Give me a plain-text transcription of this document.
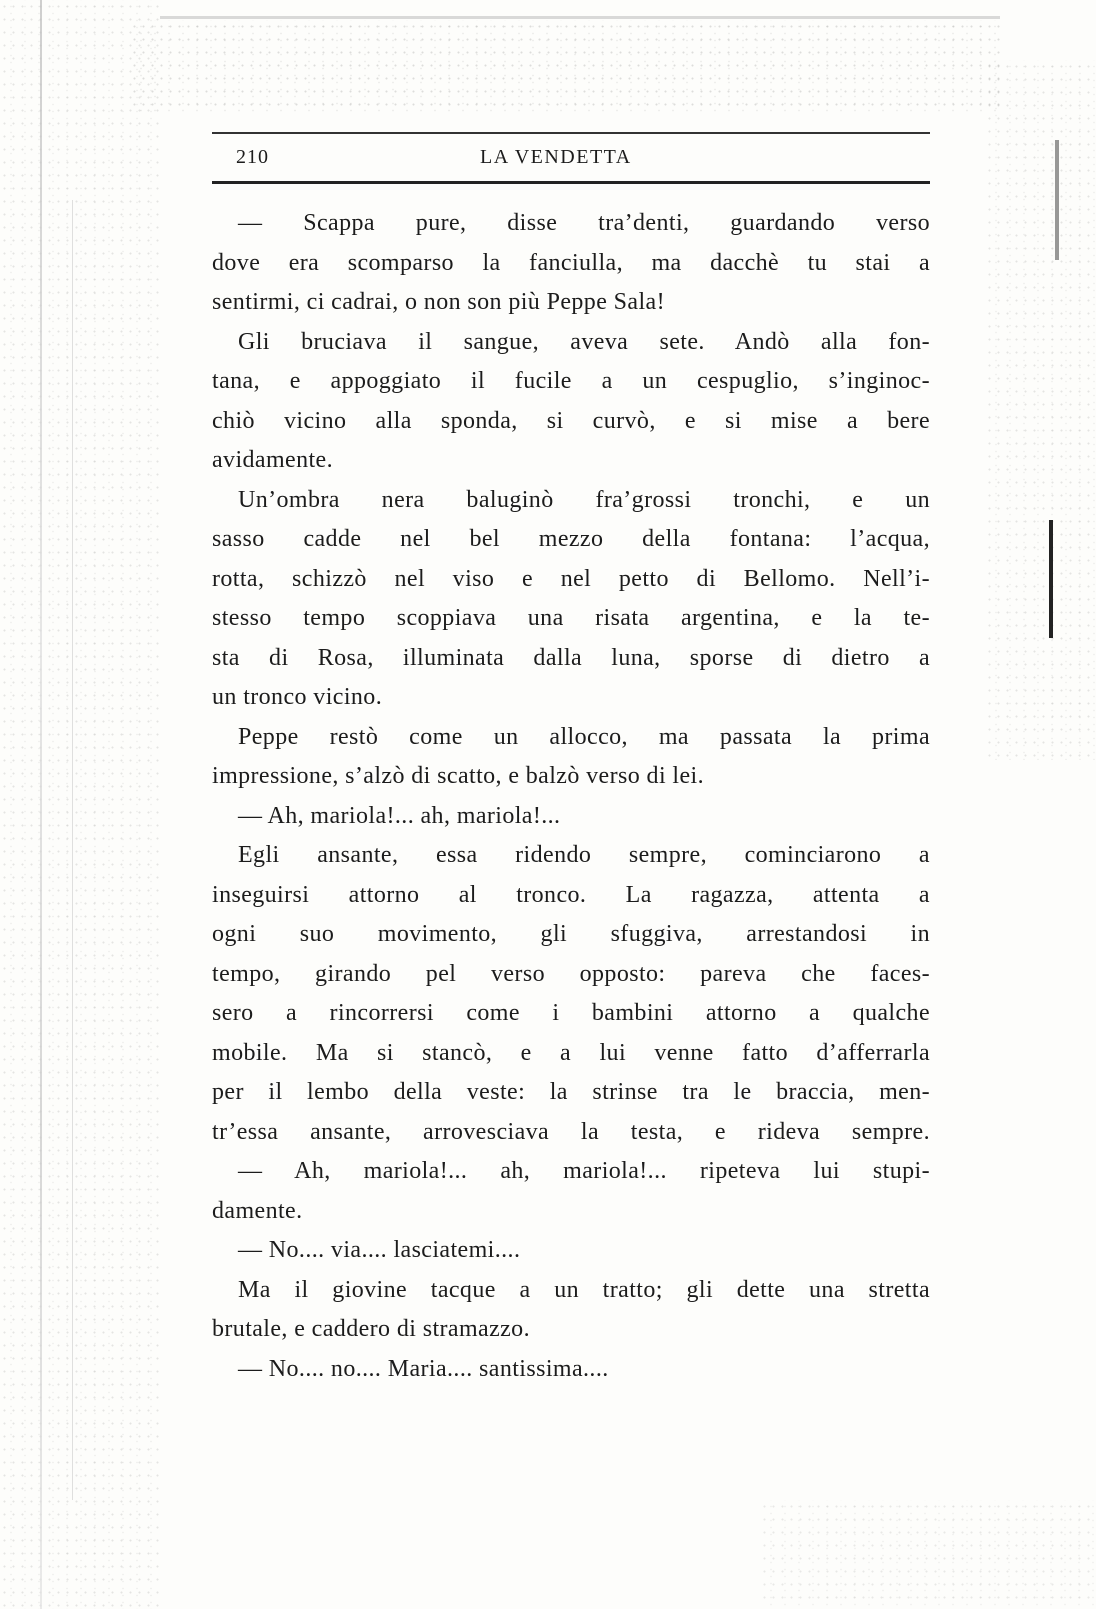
210	LA VENDETTA
— Scappa pure, disse tra’denti, guardando verso
dove era scomparso la fanciulla, ma dacchè tu stai a
sentirmi, ci cadrai, o non son più Peppe Sala!
Gli bruciava il sangue, aveva sete. Andò alla fon-
tana, e appoggiato il fucile a un cespuglio, s’inginoc-
chiò vicino alla sponda, si curvò, e si mise a bere
avidamente.
Un’ombra nera baluginò fra’grossi tronchi, e un
sasso cadde nel bel mezzo della fontana: l’acqua,
rotta, schizzò nel viso e nel petto di Bellomo. Nell’i-
stesso tempo scoppiava una risata argentina, e la te-
sta di Rosa, illuminata dalla luna, sporse di dietro a
un tronco vicino.
Peppe restò come un allocco, ma passata la prima
impressione, s’alzò di scatto, e balzò verso di lei.
— Ah, mariola!... ah, mariola!...
Egli ansante, essa ridendo sempre, cominciarono a
inseguirsi attorno al tronco. La ragazza, attenta a
ogni suo movimento, gli sfuggiva, arrestandosi in
tempo, girando pel verso opposto: pareva che faces-
sero a rincorrersi come i bambini attorno a qualche
mobile. Ma si stancò, e a lui venne fatto d’afferrarla
per il lembo della veste: la strinse tra le braccia, men-
tr’essa ansante, arrovesciava la testa, e rideva sempre.
— Ah, mariola!... ah, mariola!... ripeteva lui stupi-
damente.
— No.... via.... lasciatemi....
Ma il giovine tacque a un tratto; gli dette una stretta
brutale, e caddero di stramazzo.
— No.... no.... Maria.... santissima....
